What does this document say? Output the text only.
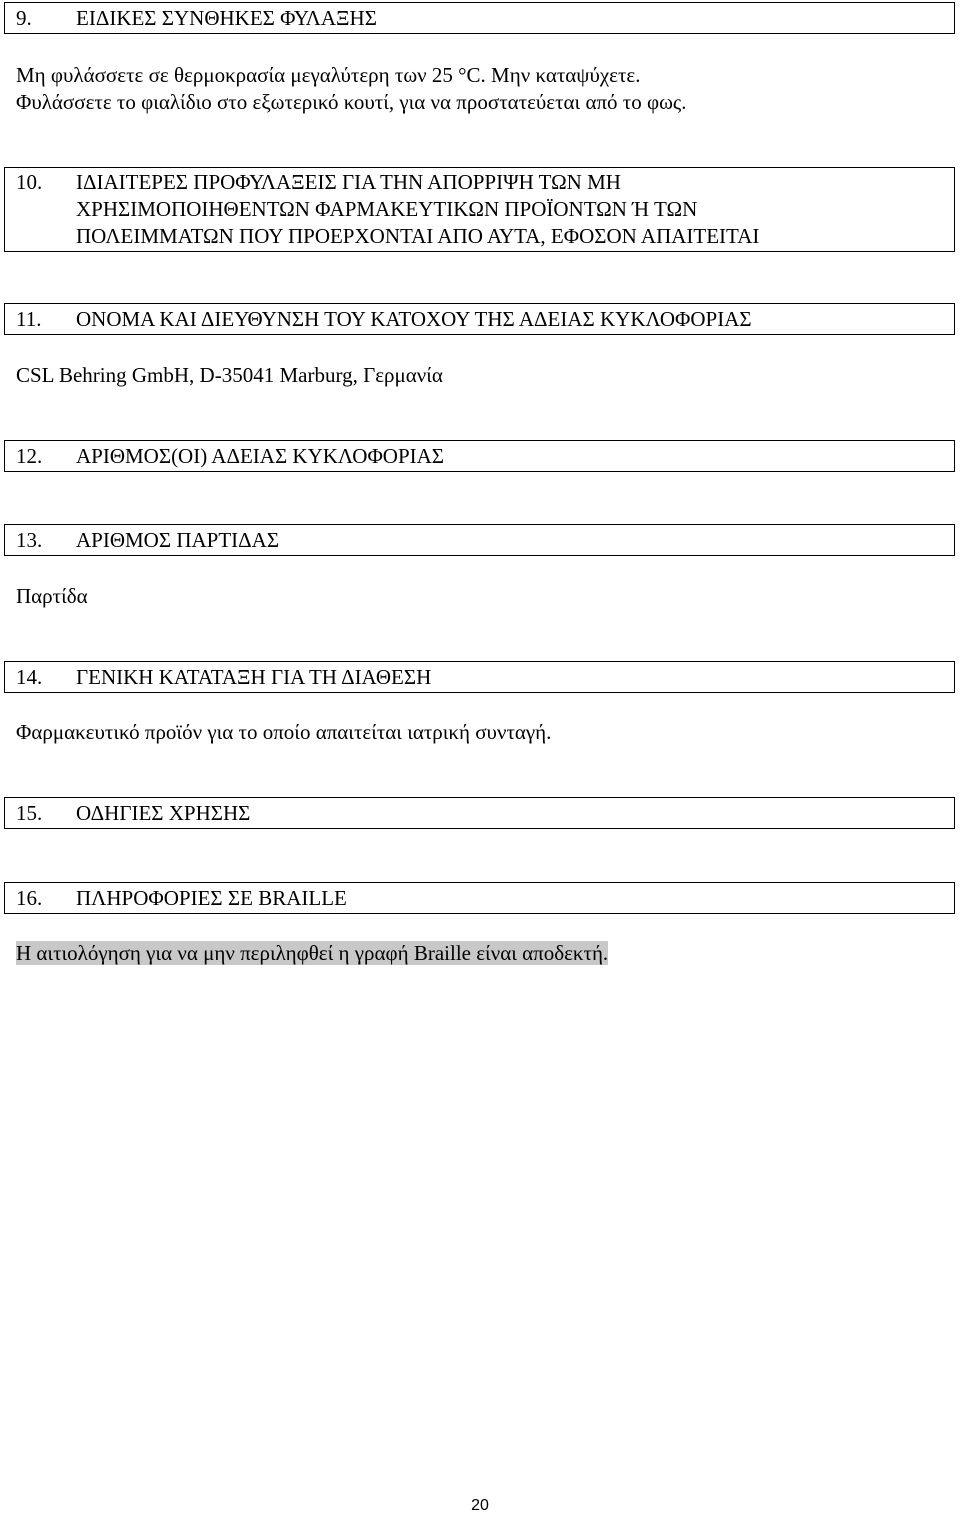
9. ΕΙΔΙΚΕΣ ΣΥΝΘΗΚΕΣ ΦΥΛΑΞΗΣ
Μη φυλάσσετε σε θερμοκρασία μεγαλύτερη των 25 °C. Μην καταψύχετε.
Φυλάσσετε το φιαλίδιο στο εξωτερικό κουτί, για να προστατεύεται από το φως.
10. ΙΔΙΑΙΤΕΡΕΣ ΠΡΟΦΥΛΑΞΕΙΣ ΓΙΑ ΤΗΝ ΑΠΟΡΡΙΨΗ ΤΩΝ ΜΗ
ΧΡΗΣΙΜΟΠΟΙΗΘΕΝΤΩΝ ΦΑΡΜΑΚΕΥΤΙΚΩΝ ΠΡΟΪΟΝΤΩΝ Ή ΤΩΝ
ΠΟΛΕΙΜΜΑΤΩΝ ΠΟΥ ΠΡΟΕΡΧΟΝΤΑΙ ΑΠΟ ΑΥΤΑ, ΕΦΟΣΟΝ ΑΠΑΙΤΕΙΤΑΙ
11. ΟΝΟΜΑ ΚΑΙ ΔΙΕΥΘΥΝΣΗ ΤΟΥ ΚΑΤΟΧΟΥ ΤΗΣ ΑΔΕΙΑΣ ΚΥΚΛΟΦΟΡΙΑΣ
CSL Behring GmbH, D-35041 Marburg, Γερμανία
12. ΑΡΙΘΜΟΣ(ΟΙ) ΑΔΕΙΑΣ ΚΥΚΛΟΦΟΡΙΑΣ
13. ΑΡΙΘΜΟΣ ΠΑΡΤΙΔΑΣ
Παρτίδα
14. ΓΕΝΙΚΗ ΚΑΤΑΤΑΞΗ ΓΙΑ ΤΗ ΔΙΑΘΕΣΗ
Φαρμακευτικό προϊόν για το οποίο απαιτείται ιατρική συνταγή.
15. ΟΔΗΓΙΕΣ ΧΡΗΣΗΣ
16. ΠΛΗΡΟΦΟΡΙΕΣ ΣΕ BRAILLE
Η αιτιολόγηση για να μην περιληφθεί η γραφή Braille είναι αποδεκτή.
20
